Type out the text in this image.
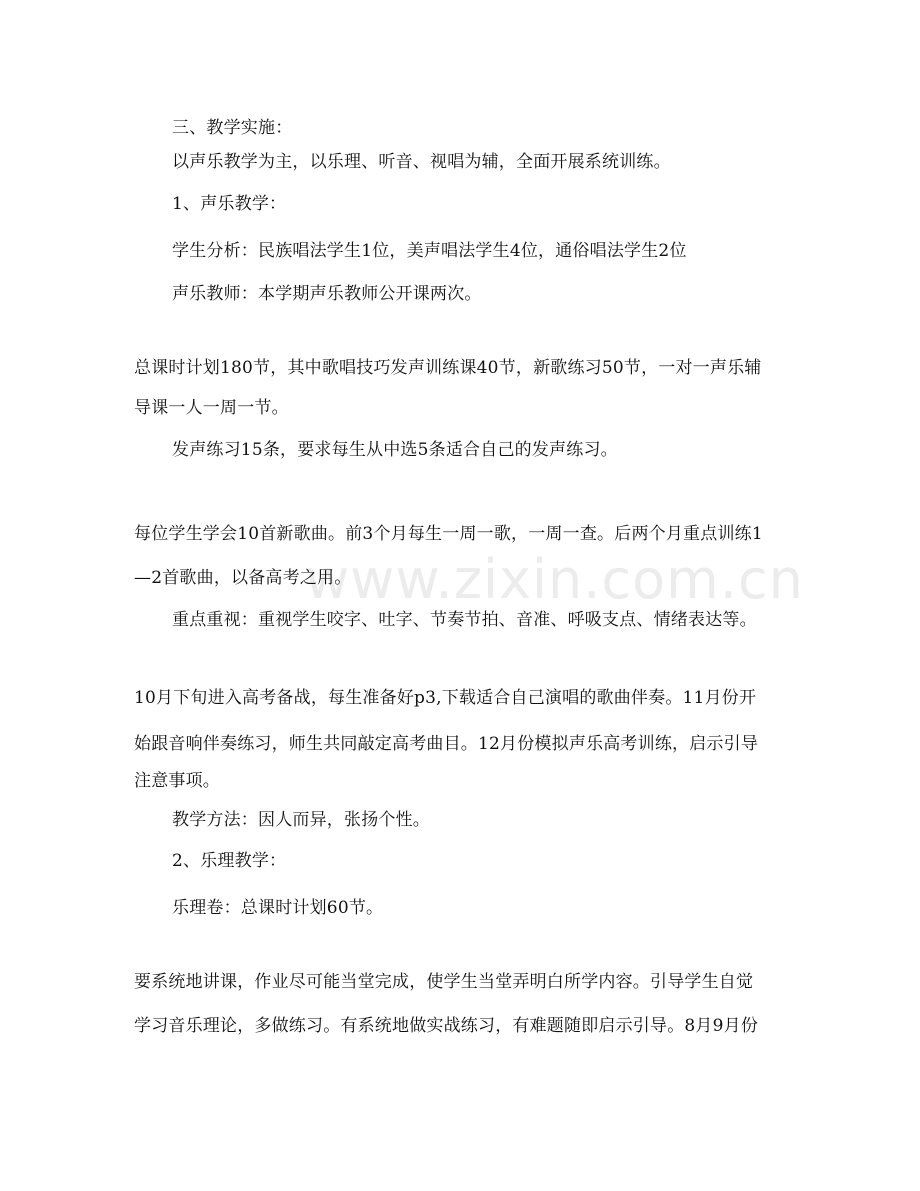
www.zixin.com.cn
三、教学实施：
以声乐教学为主，以乐理、听音、视唱为辅，全面开展系统训练。
1、声乐教学：
学生分析：民族唱法学生1位，美声唱法学生4位，通俗唱法学生2位
声乐教师：本学期声乐教师公开课两次。
总课时计划180节，其中歌唱技巧发声训练课40节，新歌练习50节，一对一声乐辅
导课一人一周一节。
发声练习15条，要求每生从中选5条适合自己的发声练习。
每位学生学会10首新歌曲。前3个月每生一周一歌，一周一查。后两个月重点训练1
—2首歌曲，以备高考之用。
重点重视：重视学生咬字、吐字、节奏节拍、音准、呼吸支点、情绪表达等。
10月下旬进入高考备战，每生准备好p3,下载适合自己演唱的歌曲伴奏。11月份开
始跟音响伴奏练习，师生共同敲定高考曲目。12月份模拟声乐高考训练，启示引导
注意事项。
教学方法：因人而异，张扬个性。
2、乐理教学：
乐理卷：总课时计划60节。
要系统地讲课，作业尽可能当堂完成，使学生当堂弄明白所学内容。引导学生自觉
学习音乐理论，多做练习。有系统地做实战练习，有难题随即启示引导。8月9月份
